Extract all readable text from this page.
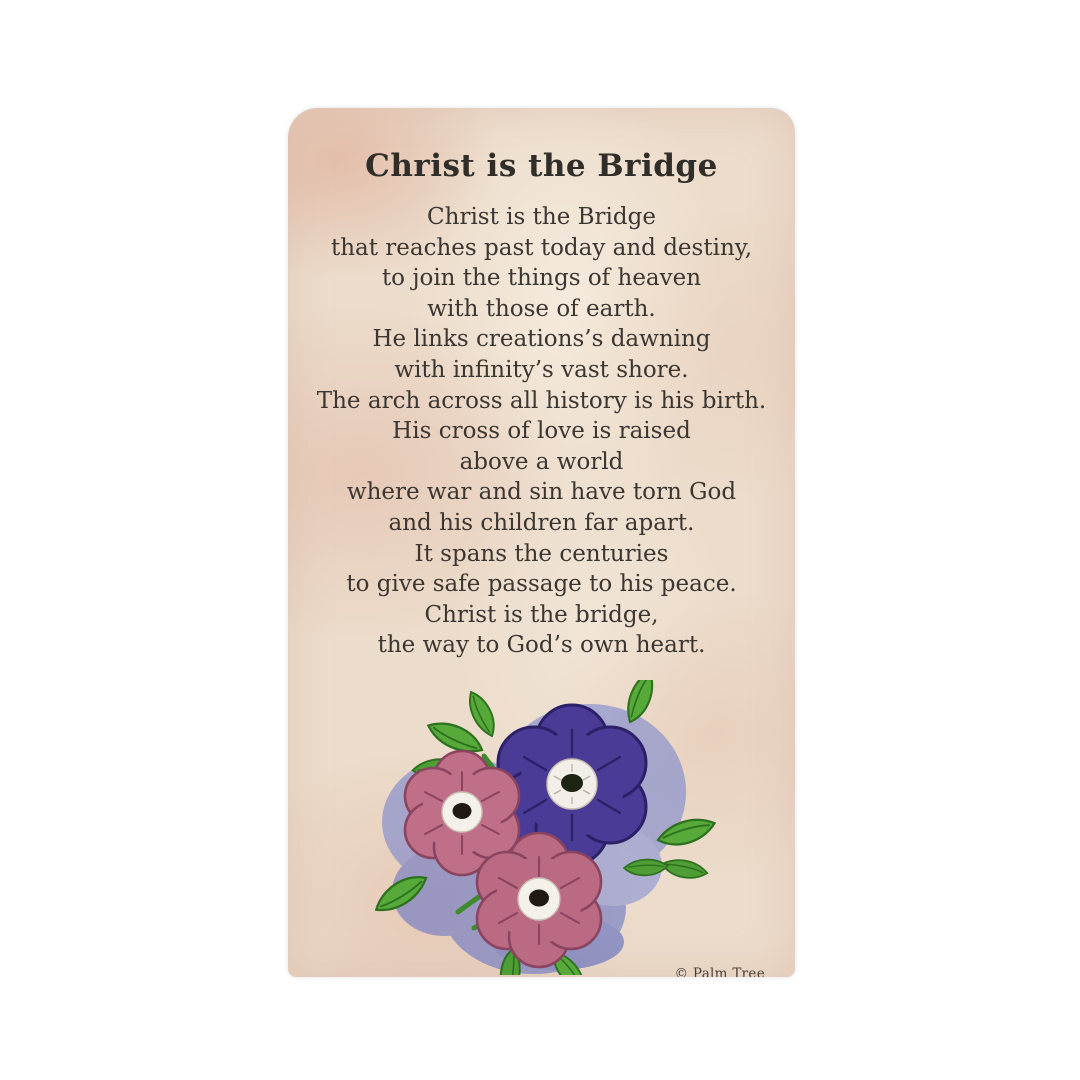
Christ is the Bridge
Christ is the Bridge
that reaches past today and destiny,
to join the things of heaven
with those of earth.
He links creations’s dawning
with infinity’s vast shore.
The arch across all history is his birth.
His cross of love is raised
above a world
where war and sin have torn God
and his children far apart.
It spans the centuries
to give safe passage to his peace.
Christ is the bridge,
the way to God’s own heart.
© Palm Tree
